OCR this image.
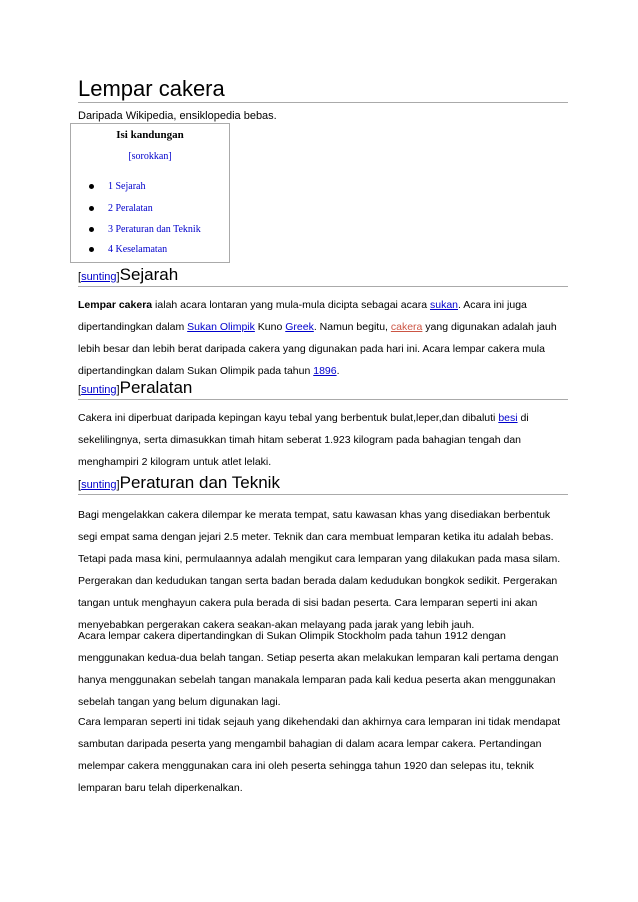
Lempar cakera
Daripada Wikipedia, ensiklopedia bebas.
Isi kandungan
[sorokkan]
1 Sejarah
2 Peralatan
3 Peraturan dan Teknik
4 Keselamatan
[sunting]Sejarah

Lempar cakera ialah acara lontaran yang mula-mula dicipta sebagai acara sukan. Acara ini juga dipertandingkan dalam Sukan Olimpik Kuno Greek. Namun begitu, cakera yang digunakan adalah jauh lebih besar dan lebih berat daripada cakera yang digunakan pada hari ini. Acara lempar cakera mula dipertandingkan dalam Sukan Olimpik pada tahun 1896.

[sunting]Peralatan

Cakera ini diperbuat daripada kepingan kayu tebal yang berbentuk bulat,leper,dan dibaluti besi di sekelilingnya, serta dimasukkan timah hitam seberat 1.923 kilogram pada bahagian tengah dan menghampiri 2 kilogram untuk atlet lelaki.

[sunting]Peraturan dan Teknik

Bagi mengelakkan cakera dilempar ke merata tempat, satu kawasan khas yang disediakan berbentuk segi empat sama dengan jejari 2.5 meter. Teknik dan cara membuat lemparan ketika itu adalah bebas. Tetapi pada masa kini, permulaannya adalah mengikut cara lemparan yang dilakukan pada masa silam. Pergerakan dan kedudukan tangan serta badan berada dalam kedudukan bongkok sedikit. Pergerakan tangan untuk menghayun cakera pula berada di sisi badan peserta. Cara lemparan seperti ini akan menyebabkan pergerakan cakera seakan-akan melayang pada jarak yang lebih jauh.

Acara lempar cakera dipertandingkan di Sukan Olimpik Stockholm pada tahun 1912 dengan menggunakan kedua-dua belah tangan. Setiap peserta akan melakukan lemparan kali pertama dengan hanya menggunakan sebelah tangan manakala lemparan pada kali kedua peserta akan menggunakan sebelah tangan yang belum digunakan lagi.

Cara lemparan seperti ini tidak sejauh yang dikehendaki dan akhirnya cara lemparan ini tidak mendapat sambutan daripada peserta yang mengambil bahagian di dalam acara lempar cakera. Pertandingan melempar cakera menggunakan cara ini oleh peserta sehingga tahun 1920 dan selepas itu, teknik lemparan baru telah diperkenalkan.
